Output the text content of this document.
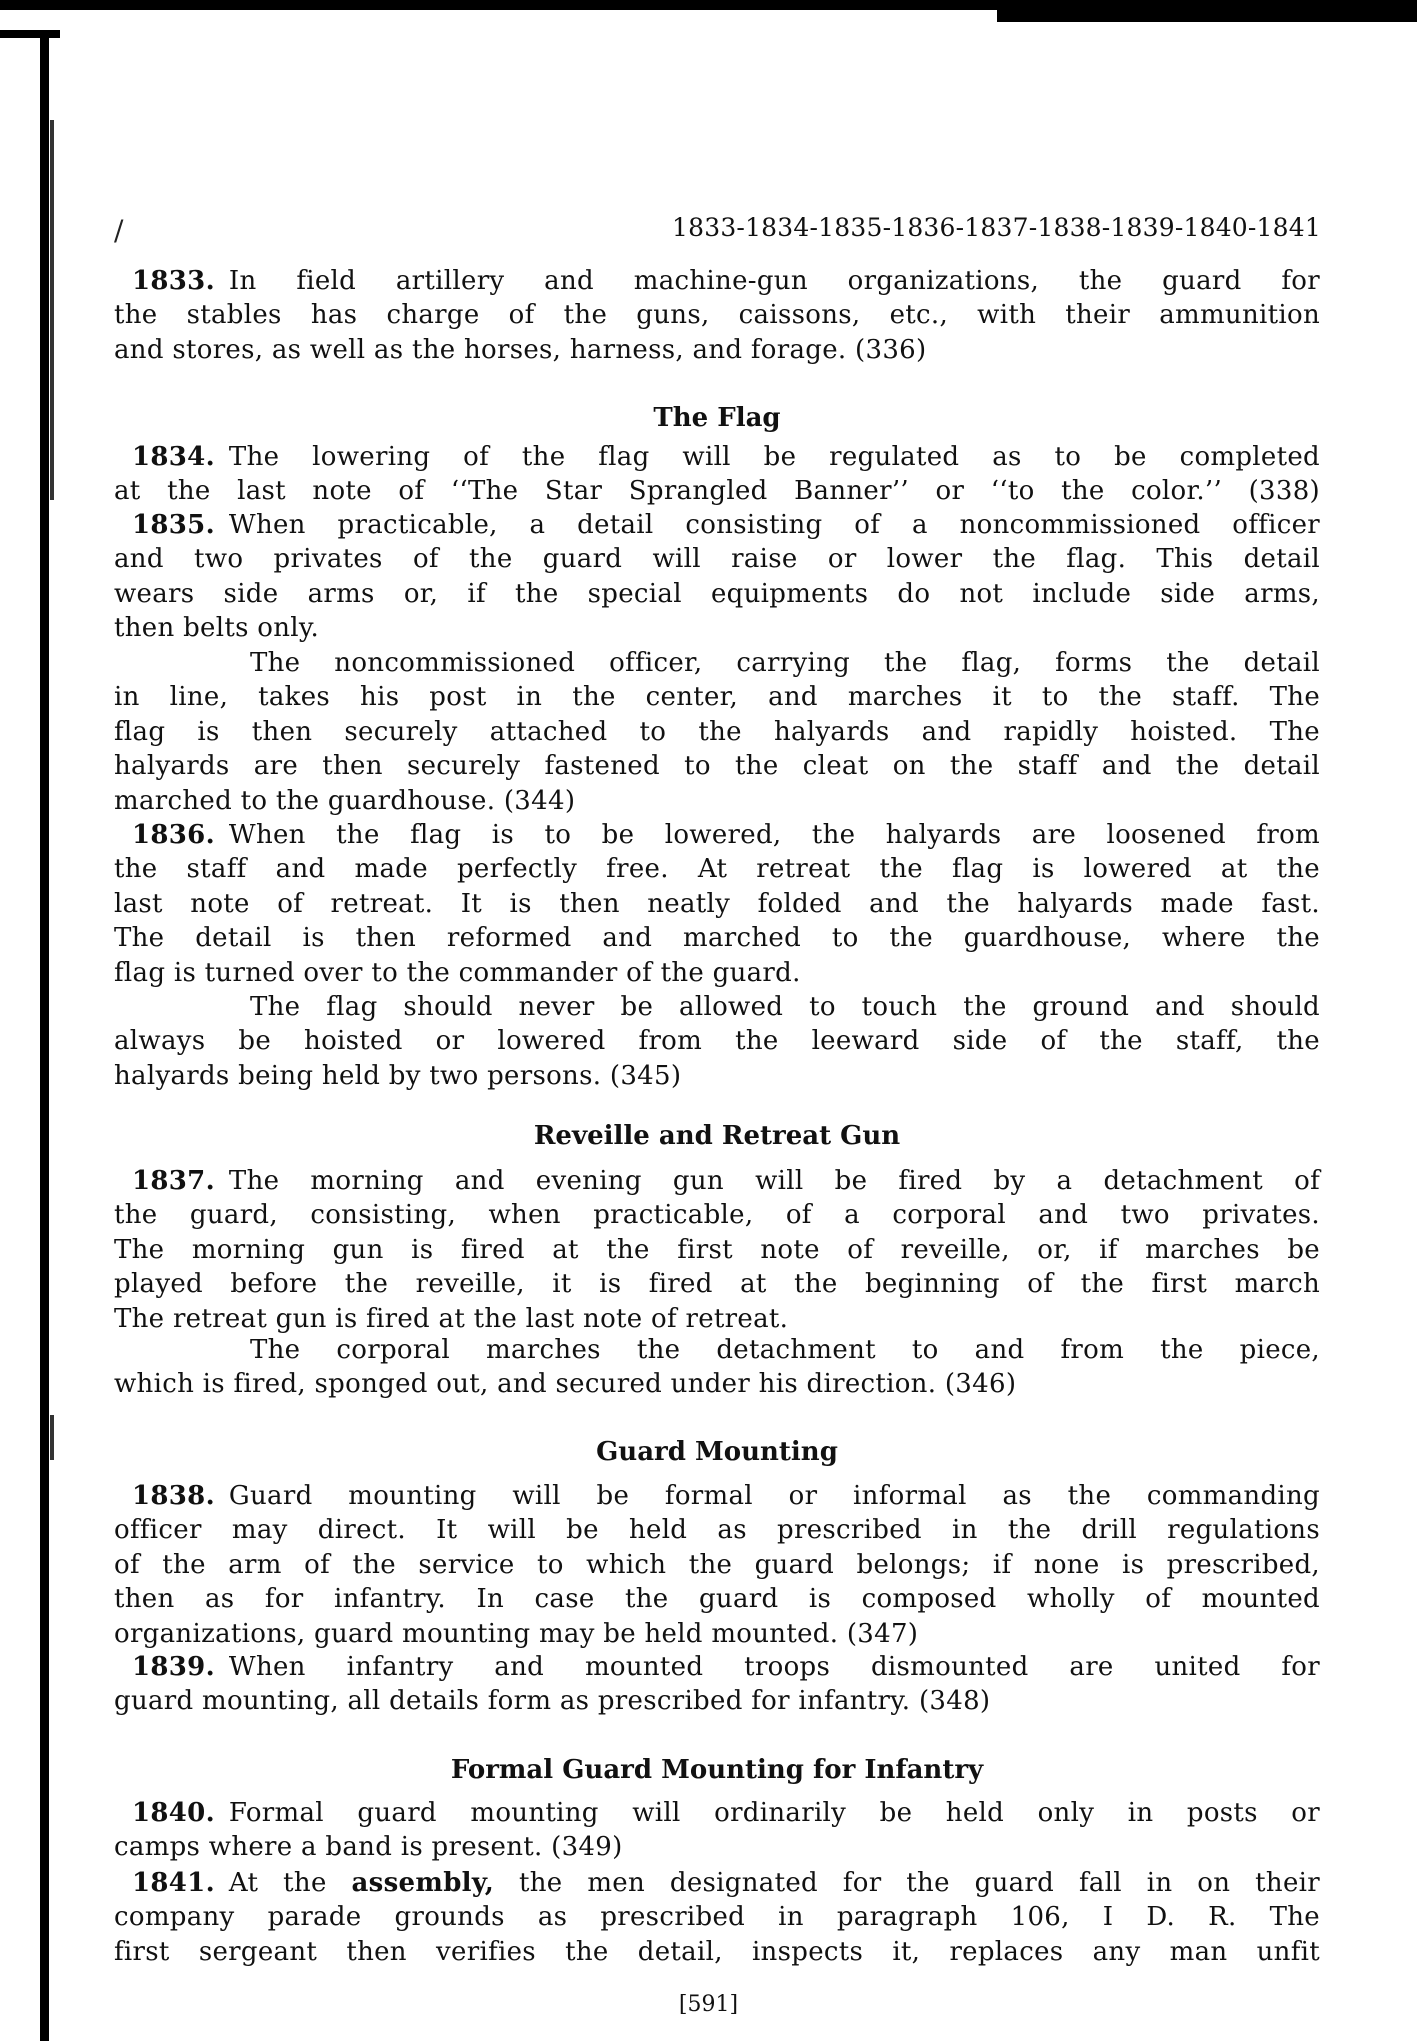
/	1833-1834-1835-1836-1837-1838-1839-1840-1841
1833. In field artillery and machine-gun organizations, the guard for
the stables has charge of the guns, caissons, etc., with their ammunition
and stores, as well as the horses, harness, and forage. (336)
The Flag
1834. The lowering of the flag will be regulated as to be completed
at the last note of ‘‘The Star Sprangled Banner’’ or ‘‘to the color.’’ (338)
1835. When practicable, a detail consisting of a noncommissioned officer
and two privates of the guard will raise or lower the flag. This detail
wears side arms or, if the special equipments do not include side arms,
then belts only.
The noncommissioned officer, carrying the flag, forms the detail
in line, takes his post in the center, and marches it to the staff. The
flag is then securely attached to the halyards and rapidly hoisted. The
halyards are then securely fastened to the cleat on the staff and the detail
marched to the guardhouse. (344)
1836. When the flag is to be lowered, the halyards are loosened from
the staff and made perfectly free. At retreat the flag is lowered at the
last note of retreat. It is then neatly folded and the halyards made fast.
The detail is then reformed and marched to the guardhouse, where the
flag is turned over to the commander of the guard.
The flag should never be allowed to touch the ground and should
always be hoisted or lowered from the leeward side of the staff, the
halyards being held by two persons. (345)
Reveille and Retreat Gun
1837. The morning and evening gun will be fired by a detachment of
the guard, consisting, when practicable, of a corporal and two privates.
The morning gun is fired at the first note of reveille, or, if marches be
played before the reveille, it is fired at the beginning of the first march
The retreat gun is fired at the last note of retreat.
The corporal marches the detachment to and from the piece,
which is fired, sponged out, and secured under his direction. (346)
Guard Mounting
1838. Guard mounting will be formal or informal as the commanding
officer may direct. It will be held as prescribed in the drill regulations
of the arm of the service to which the guard belongs; if none is prescribed,
then as for infantry. In case the guard is composed wholly of mounted
organizations, guard mounting may be held mounted. (347)
1839. When infantry and mounted troops dismounted are united for
guard mounting, all details form as prescribed for infantry. (348)
Formal Guard Mounting for Infantry
1840. Formal guard mounting will ordinarily be held only in posts or
camps where a band is present. (349)
1841. At the assembly, the men designated for the guard fall in on their
company parade grounds as prescribed in paragraph 106, I D. R. The
first sergeant then verifies the detail, inspects it, replaces any man unfit
[591]
